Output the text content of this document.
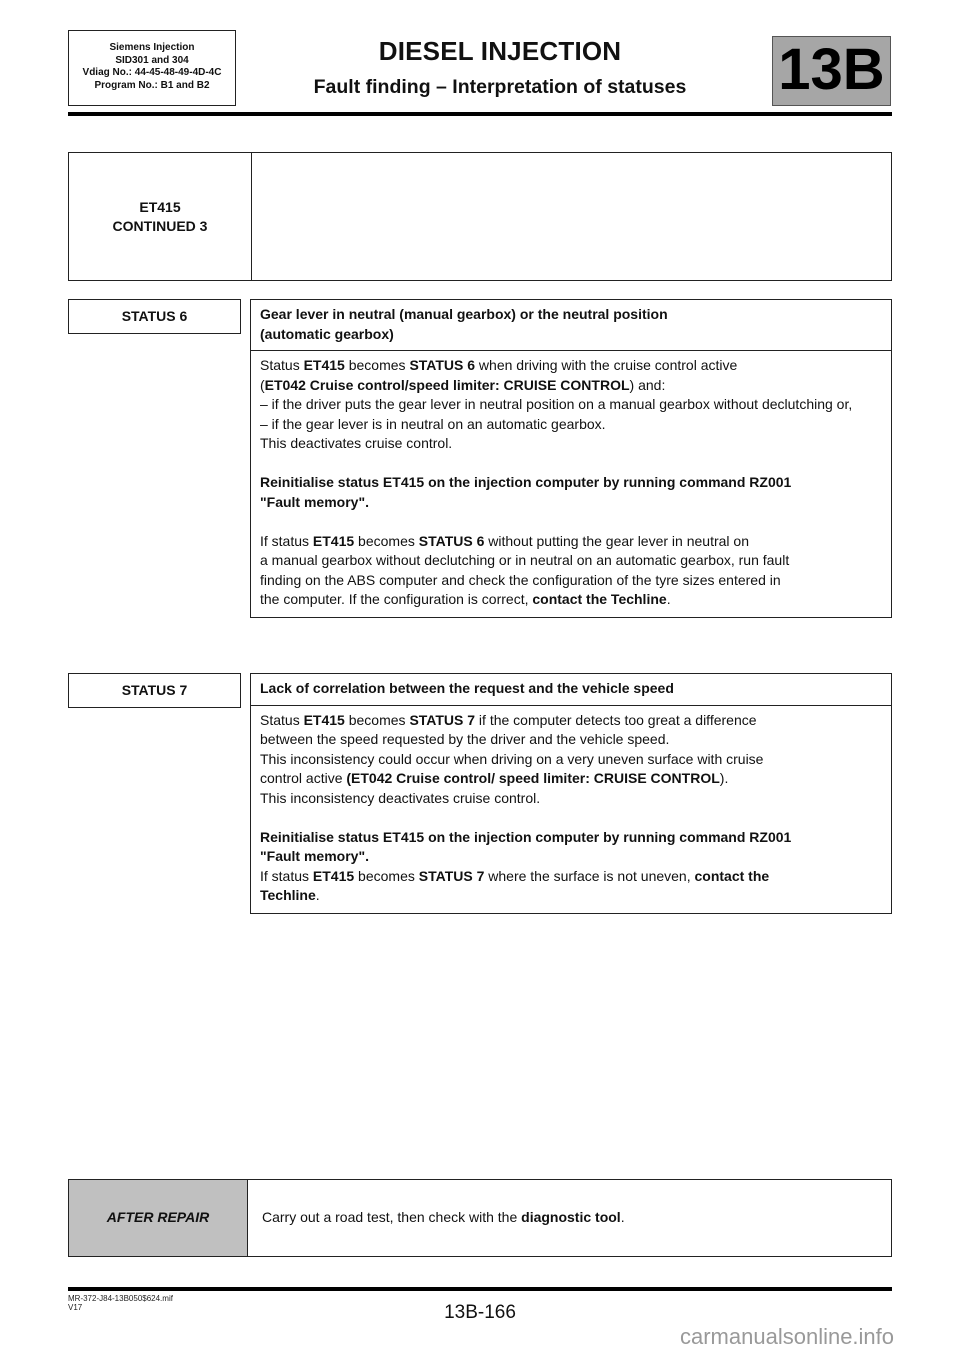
Siemens Injection
SID301 and 304
Vdiag No.: 44-45-48-49-4D-4C
Program No.: B1 and B2
DIESEL INJECTION
Fault finding – Interpretation of statuses	13B
ET415
CONTINUED 3
STATUS 6	Gear lever in neutral (manual gearbox) or the neutral position
(automatic gearbox)

Status ET415 becomes STATUS 6 when driving with the cruise control active

(ET042 Cruise control/speed limiter: CRUISE CONTROL) and:

– if the driver puts the gear lever in neutral position on a manual gearbox without declutching or,

– if the gear lever is in neutral on an automatic gearbox.

This deactivates cruise control.

Reinitialise status ET415 on the injection computer by running command RZ001

"Fault memory".

If status ET415 becomes STATUS 6 without putting the gear lever in neutral on

a manual gearbox without declutching or in neutral on an automatic gearbox, run fault

finding on the ABS computer and check the configuration of the tyre sizes entered in

the computer. If the configuration is correct, contact the Techline.

STATUS 7	Lack of correlation between the request and the vehicle speed

Status ET415 becomes STATUS 7 if the computer detects too great a difference

between the speed requested by the driver and the vehicle speed.

This inconsistency could occur when driving on a very uneven surface with cruise

control active (ET042 Cruise control/ speed limiter: CRUISE CONTROL).

This inconsistency deactivates cruise control.

Reinitialise status ET415 on the injection computer by running command RZ001

"Fault memory".

If status ET415 becomes STATUS 7 where the surface is not uneven, contact the

Techline.

AFTER REPAIR	Carry out a road test, then check with the diagnostic tool.
MR-372-J84-13B050$624.mif
V17	13B-166
carmanualsonline.info
